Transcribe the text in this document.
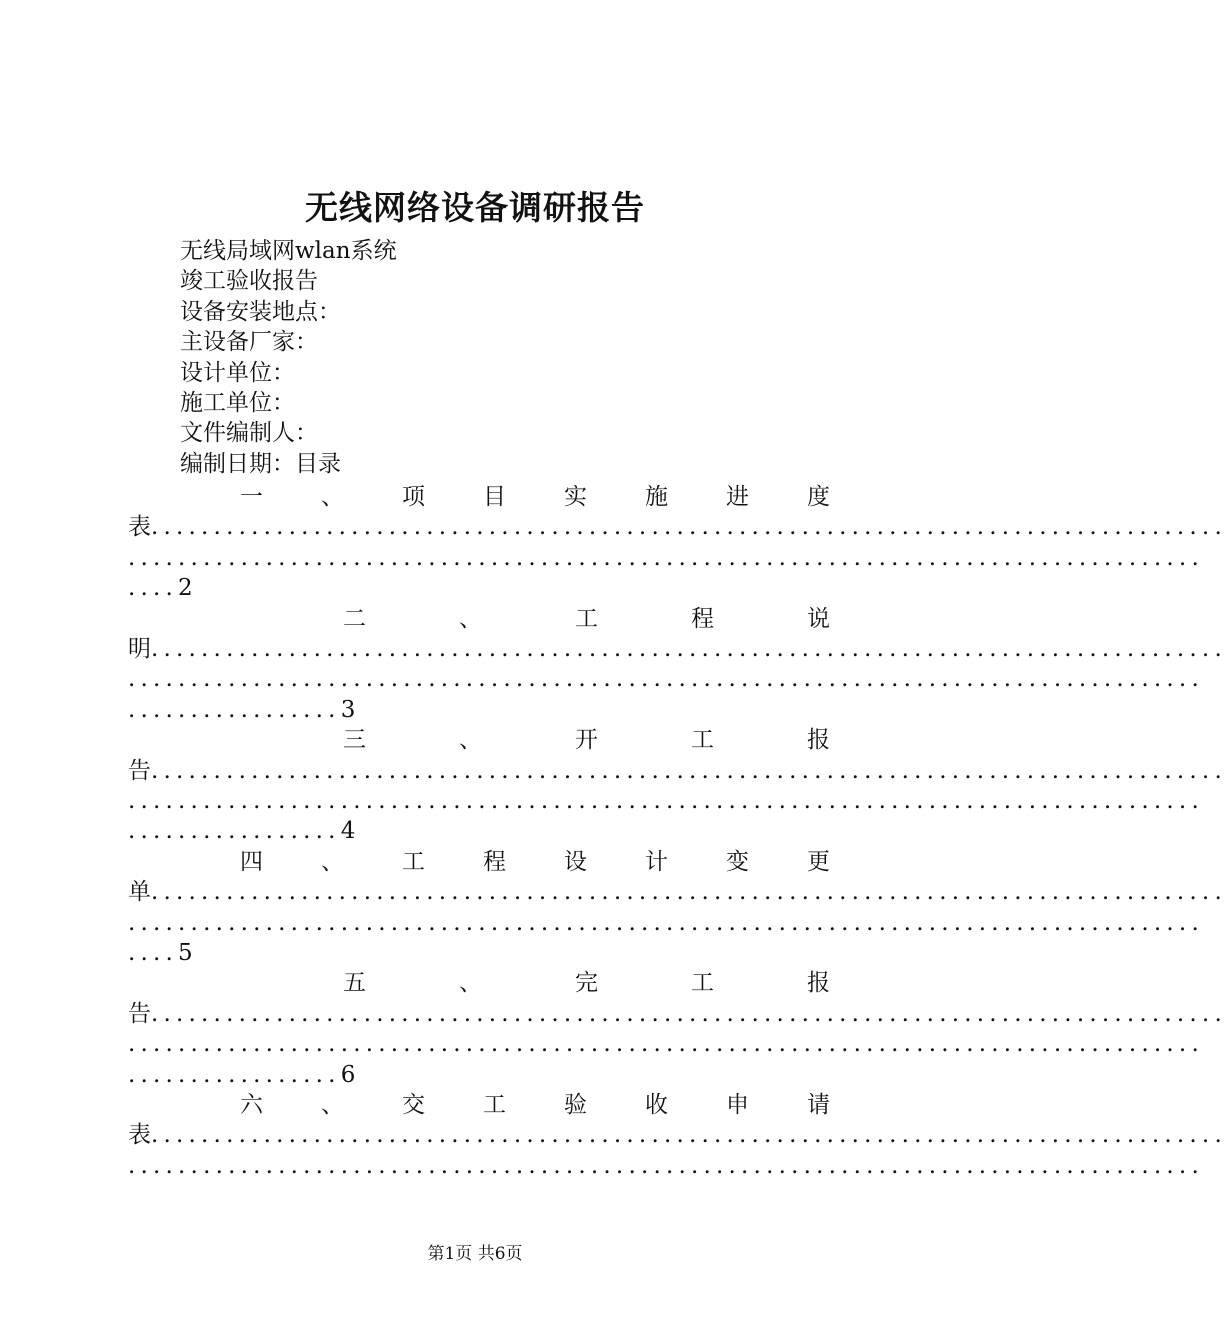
无线网络设备调研报告
无线局域网wlan系统
竣工验收报告
设备安装地点：
主设备厂家：
设计单位：
施工单位：
文件编制人：
编制日期：目录
一	、	项	目	实	施	进	度
表......................................................................................
......................................................................................
....2
二	、	工	程	说
明......................................................................................
......................................................................................
.................3
三	、	开	工	报
告......................................................................................
......................................................................................
.................4
四	、	工	程	设	计	变	更
单......................................................................................
......................................................................................
....5
五	、	完	工	报
告......................................................................................
......................................................................................
.................6
六	、	交	工	验	收	申	请
表......................................................................................
......................................................................................
第1页 共6页
